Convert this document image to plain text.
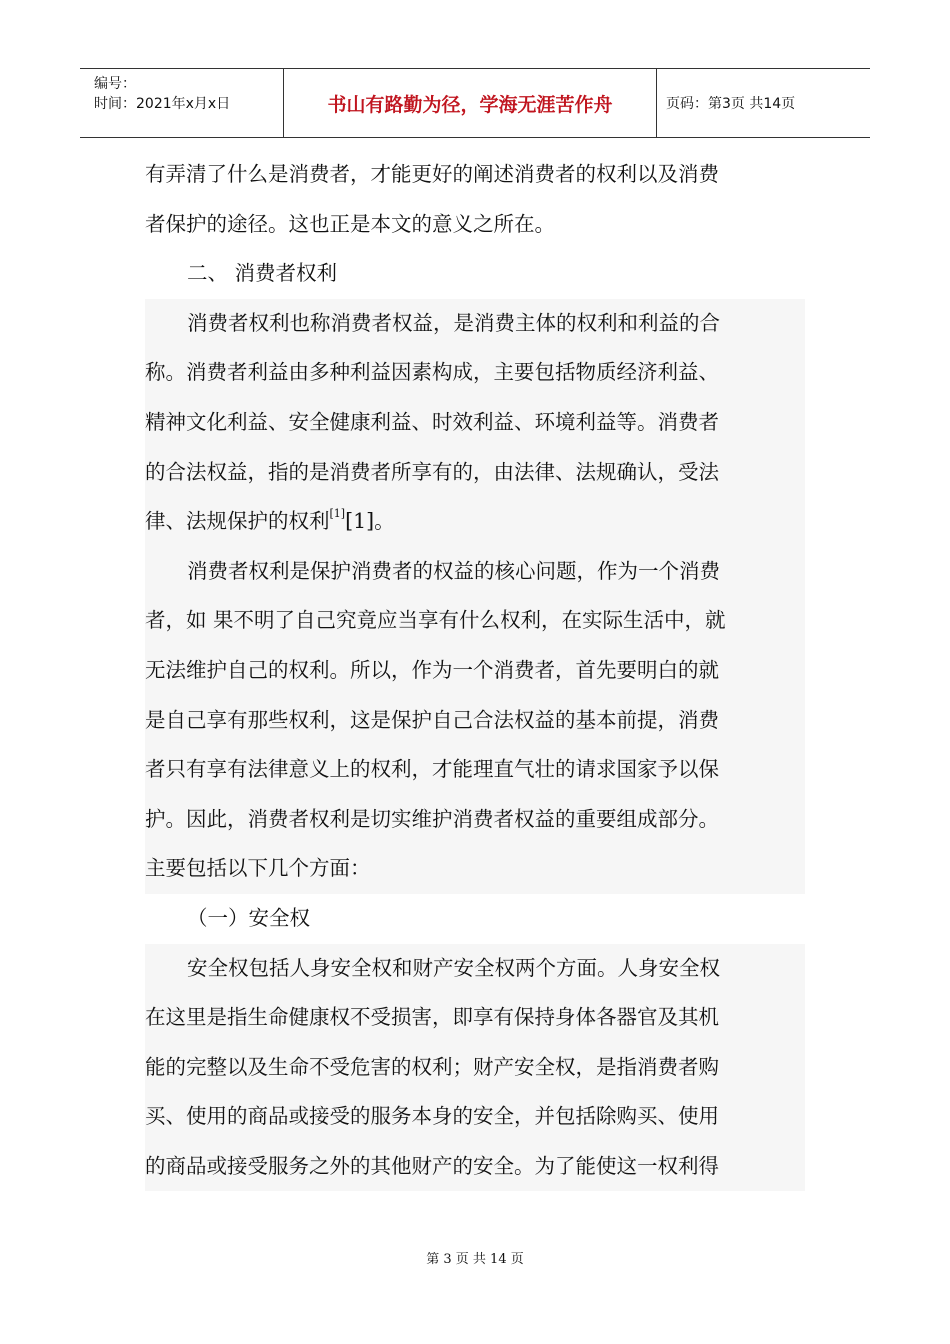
编号：
时间：2021年x月x日	书山有路勤为径，学海无涯苦作舟	页码：第3页 共14页
有弄清了什么是消费者，才能更好的阐述消费者的权利以及消费
者保护的途径。这也正是本文的意义之所在。
二、 消费者权利
消费者权利也称消费者权益，是消费主体的权利和利益的合
称。消费者利益由多种利益因素构成，主要包括物质经济利益、
精神文化利益、安全健康利益、时效利益、环境利益等。消费者
的合法权益，指的是消费者所享有的，由法律、法规确认，受法
律、法规保护的权利[1][1]。
消费者权利是保护消费者的权益的核心问题，作为一个消费
者，如 果不明了自己究竟应当享有什么权利，在实际生活中，就
无法维护自己的权利。所以，作为一个消费者，首先要明白的就
是自己享有那些权利，这是保护自己合法权益的基本前提，消费
者只有享有法律意义上的权利，才能理直气壮的请求国家予以保
护。因此，消费者权利是切实维护消费者权益的重要组成部分。
主要包括以下几个方面：
（一）安全权
安全权包括人身安全权和财产安全权两个方面。人身安全权
在这里是指生命健康权不受损害，即享有保持身体各器官及其机
能的完整以及生命不受危害的权利；财产安全权，是指消费者购
买、使用的商品或接受的服务本身的安全，并包括除购买、使用
的商品或接受服务之外的其他财产的安全。为了能使这一权利得
第 3 页 共 14 页
